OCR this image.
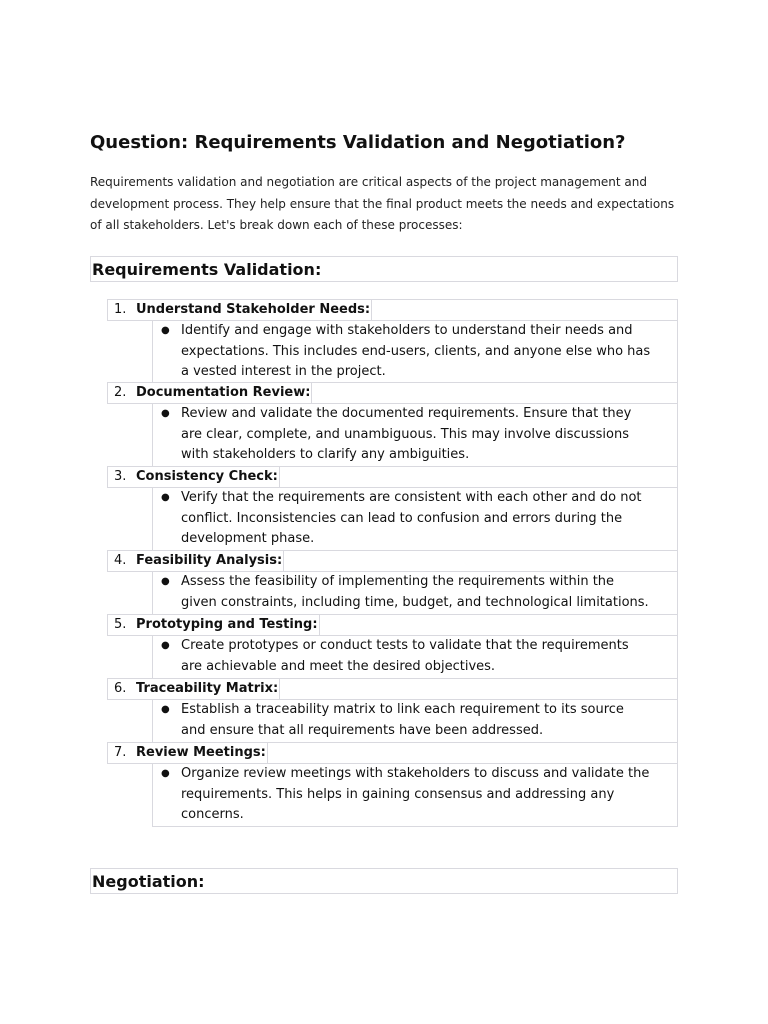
Question: Requirements Validation and Negotiation?

Requirements validation and negotiation are critical aspects of the project management and development process. They help ensure that the final product meets the needs and expectations of all stakeholders. Let's break down each of these processes:

Requirements Validation:
1. Understand Stakeholder Needs:
● Identify and engage with stakeholders to understand their needs and expectations. This includes end-users, clients, and anyone else who has a vested interest in the project.
2. Documentation Review:
● Review and validate the documented requirements. Ensure that they are clear, complete, and unambiguous. This may involve discussions with stakeholders to clarify any ambiguities.
3. Consistency Check:
● Verify that the requirements are consistent with each other and do not conflict. Inconsistencies can lead to confusion and errors during the development phase.
4. Feasibility Analysis:
● Assess the feasibility of implementing the requirements within the given constraints, including time, budget, and technological limitations.
5. Prototyping and Testing:
● Create prototypes or conduct tests to validate that the requirements are achievable and meet the desired objectives.
6. Traceability Matrix:
● Establish a traceability matrix to link each requirement to its source and ensure that all requirements have been addressed.
7. Review Meetings:
● Organize review meetings with stakeholders to discuss and validate the requirements. This helps in gaining consensus and addressing any concerns.
Negotiation:
